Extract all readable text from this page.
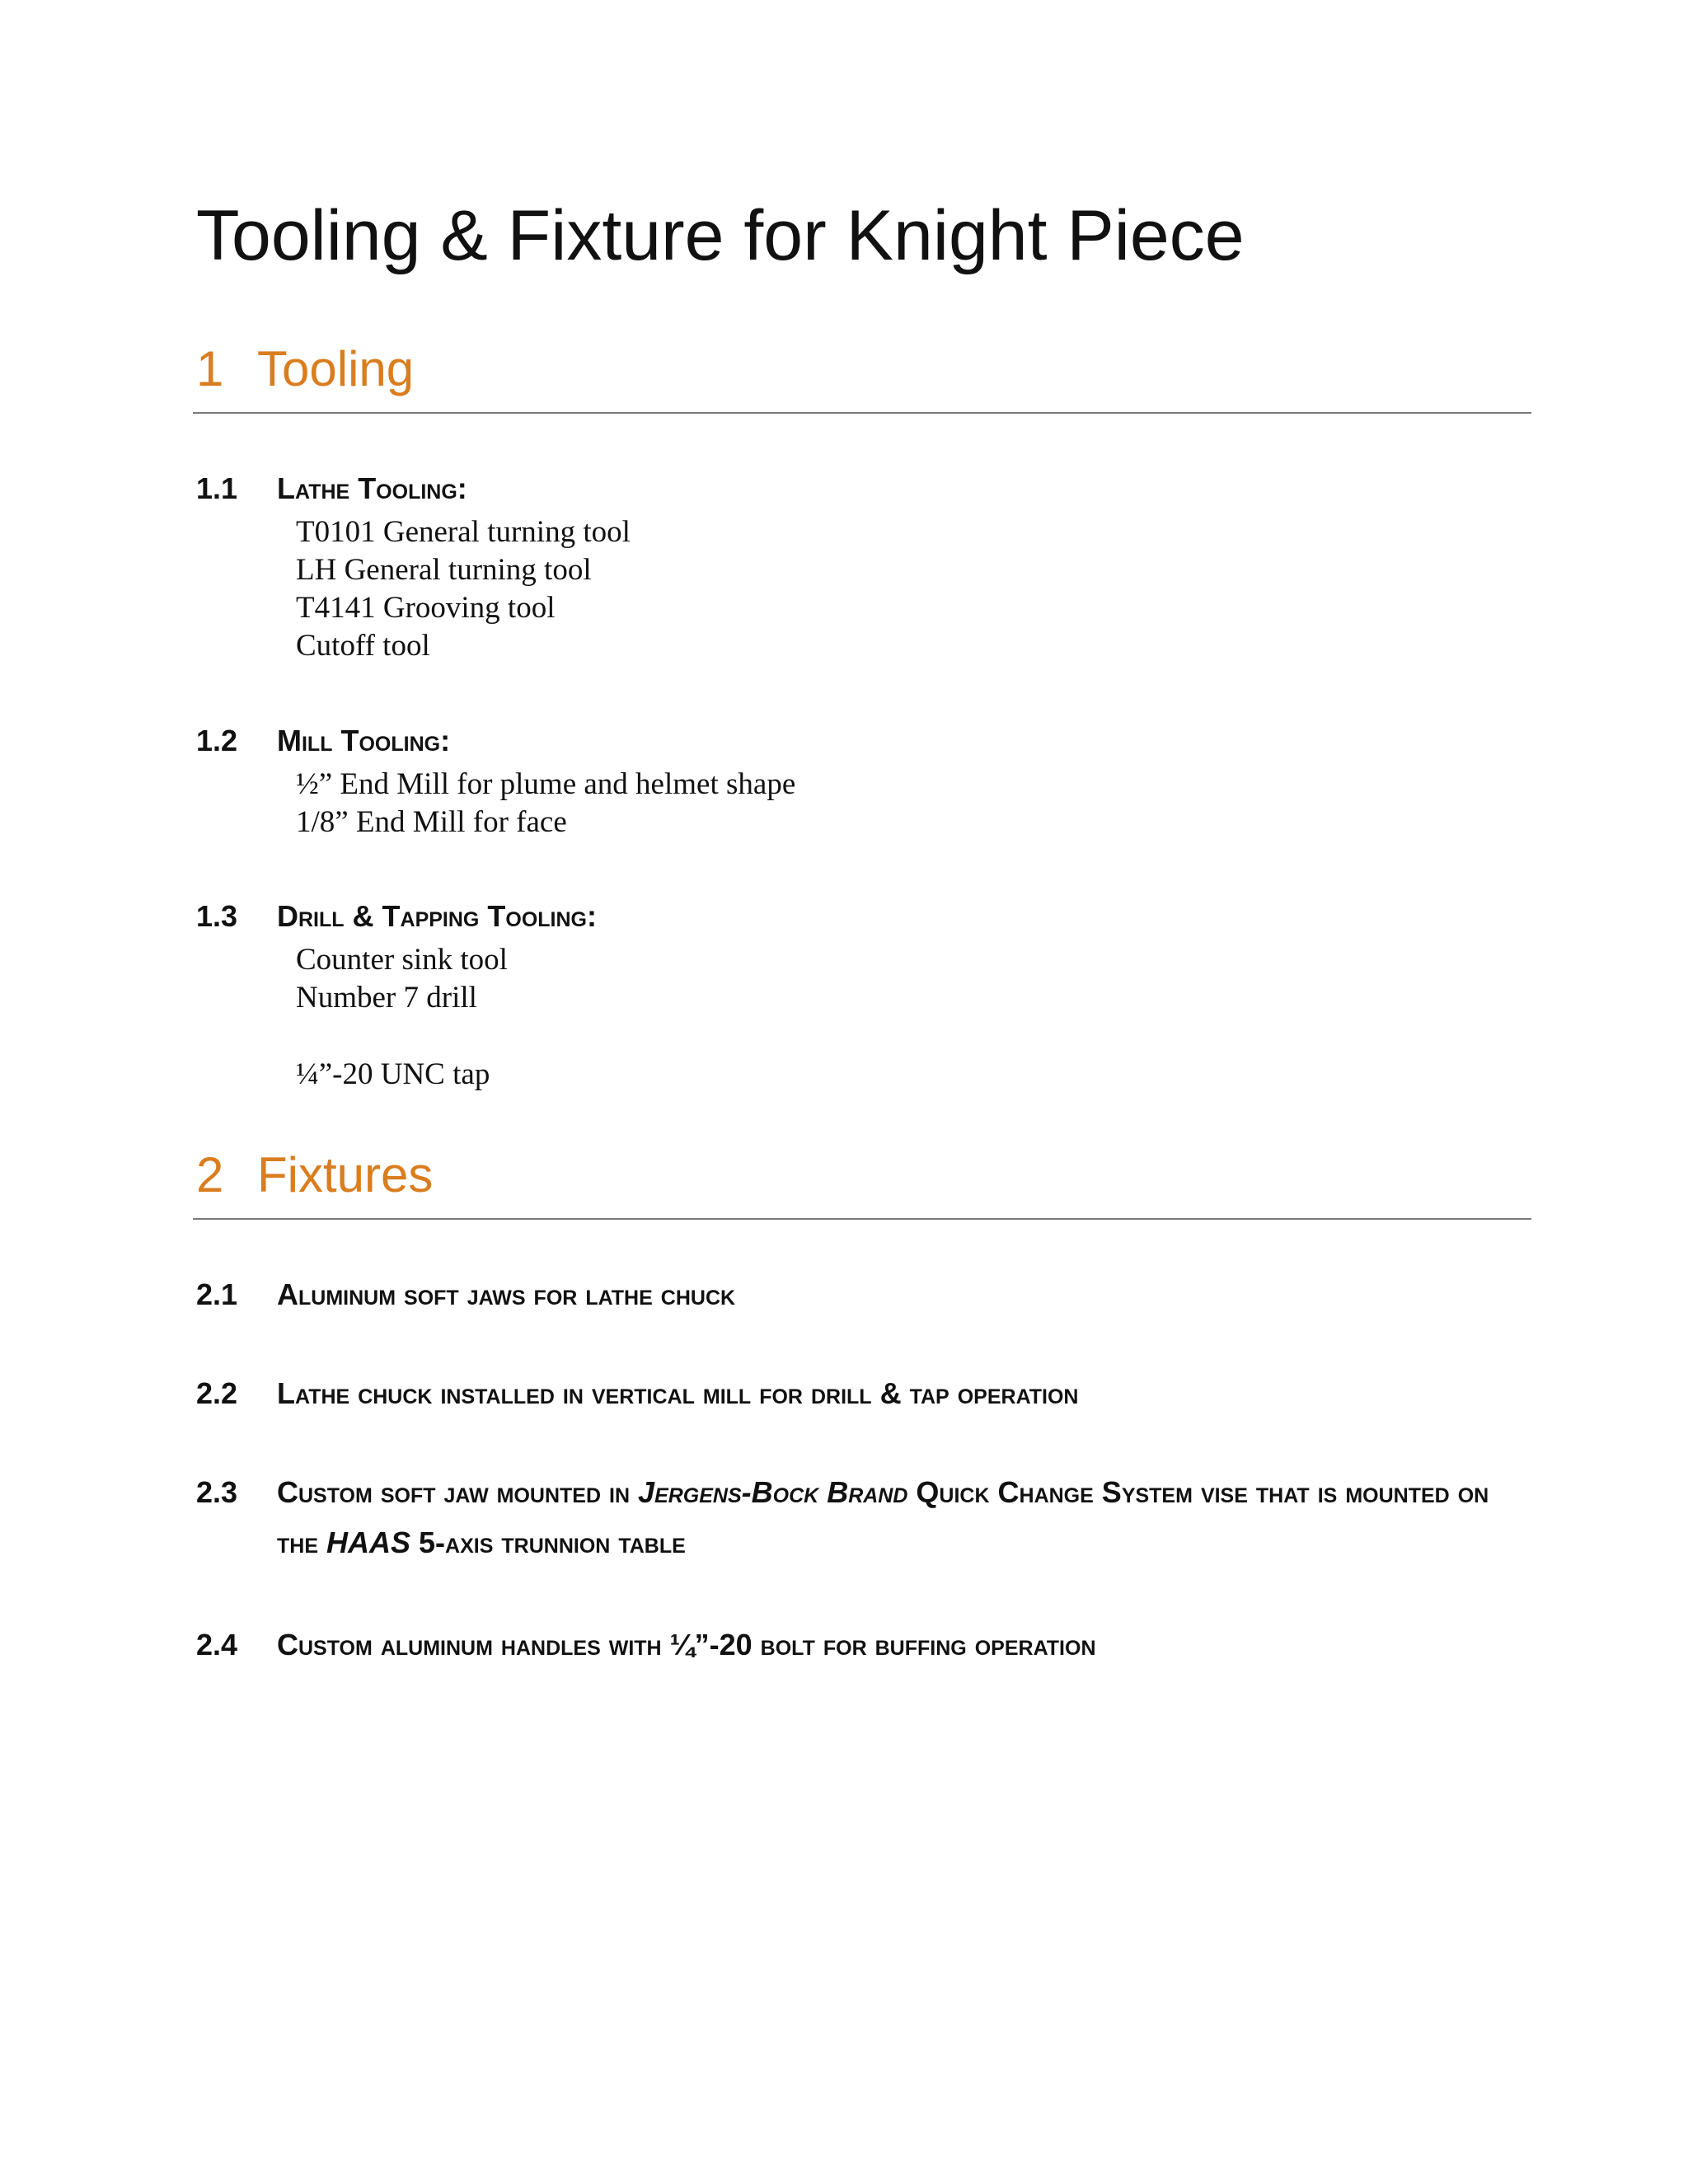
Tooling & Fixture for Knight Piece
1 Tooling
1.1 Lathe Tooling:
T0101 General turning tool
LH General turning tool
T4141 Grooving tool
Cutoff tool
1.2 Mill Tooling:
½” End Mill for plume and helmet shape
1/8” End Mill for face
1.3 Drill & Tapping Tooling:
Counter sink tool
Number 7 drill
¼”-20 UNC tap
2 Fixtures
2.1 Aluminum soft jaws for lathe chuck
2.2 Lathe chuck installed in vertical mill for drill & tap operation
2.3 Custom soft jaw mounted in Jergens-Bock Brand Quick Change System vise that is mounted on the HAAS 5-axis trunnion table
2.4 Custom aluminum handles with ¼”-20 bolt for buffing operation
